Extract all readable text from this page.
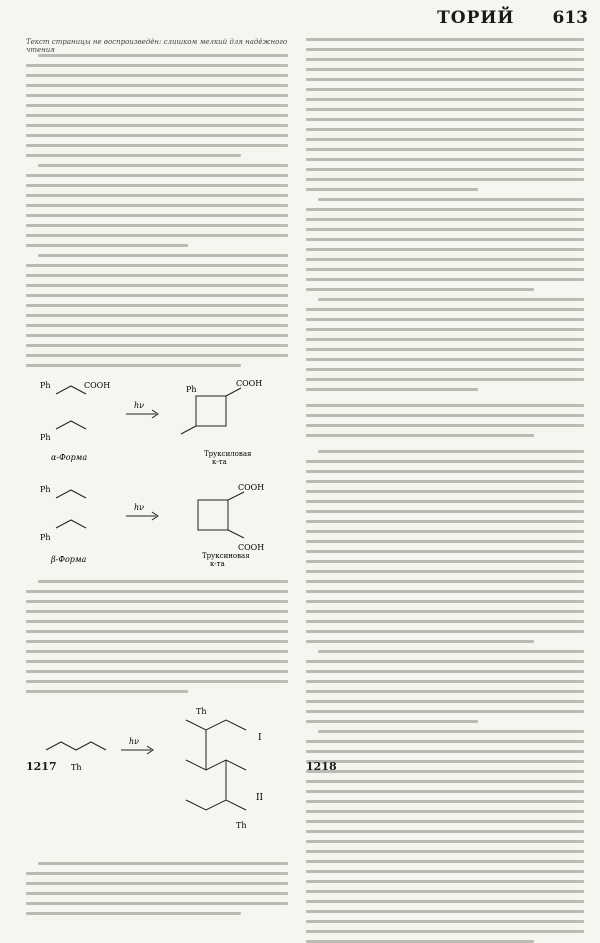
ТОРИЙ 613
Текст страницы не воспроизведён: слишком мелкий для надёжного чтения
Ph	COOH
Ph
hν
Ph
COOH
α-Форма	Труксиловая
к-та
Ph
Ph
hν
COOH
COOH
β-Форма	Труксиновая
к-та
Th
hν
Th
Th
I
II
1217	1218
